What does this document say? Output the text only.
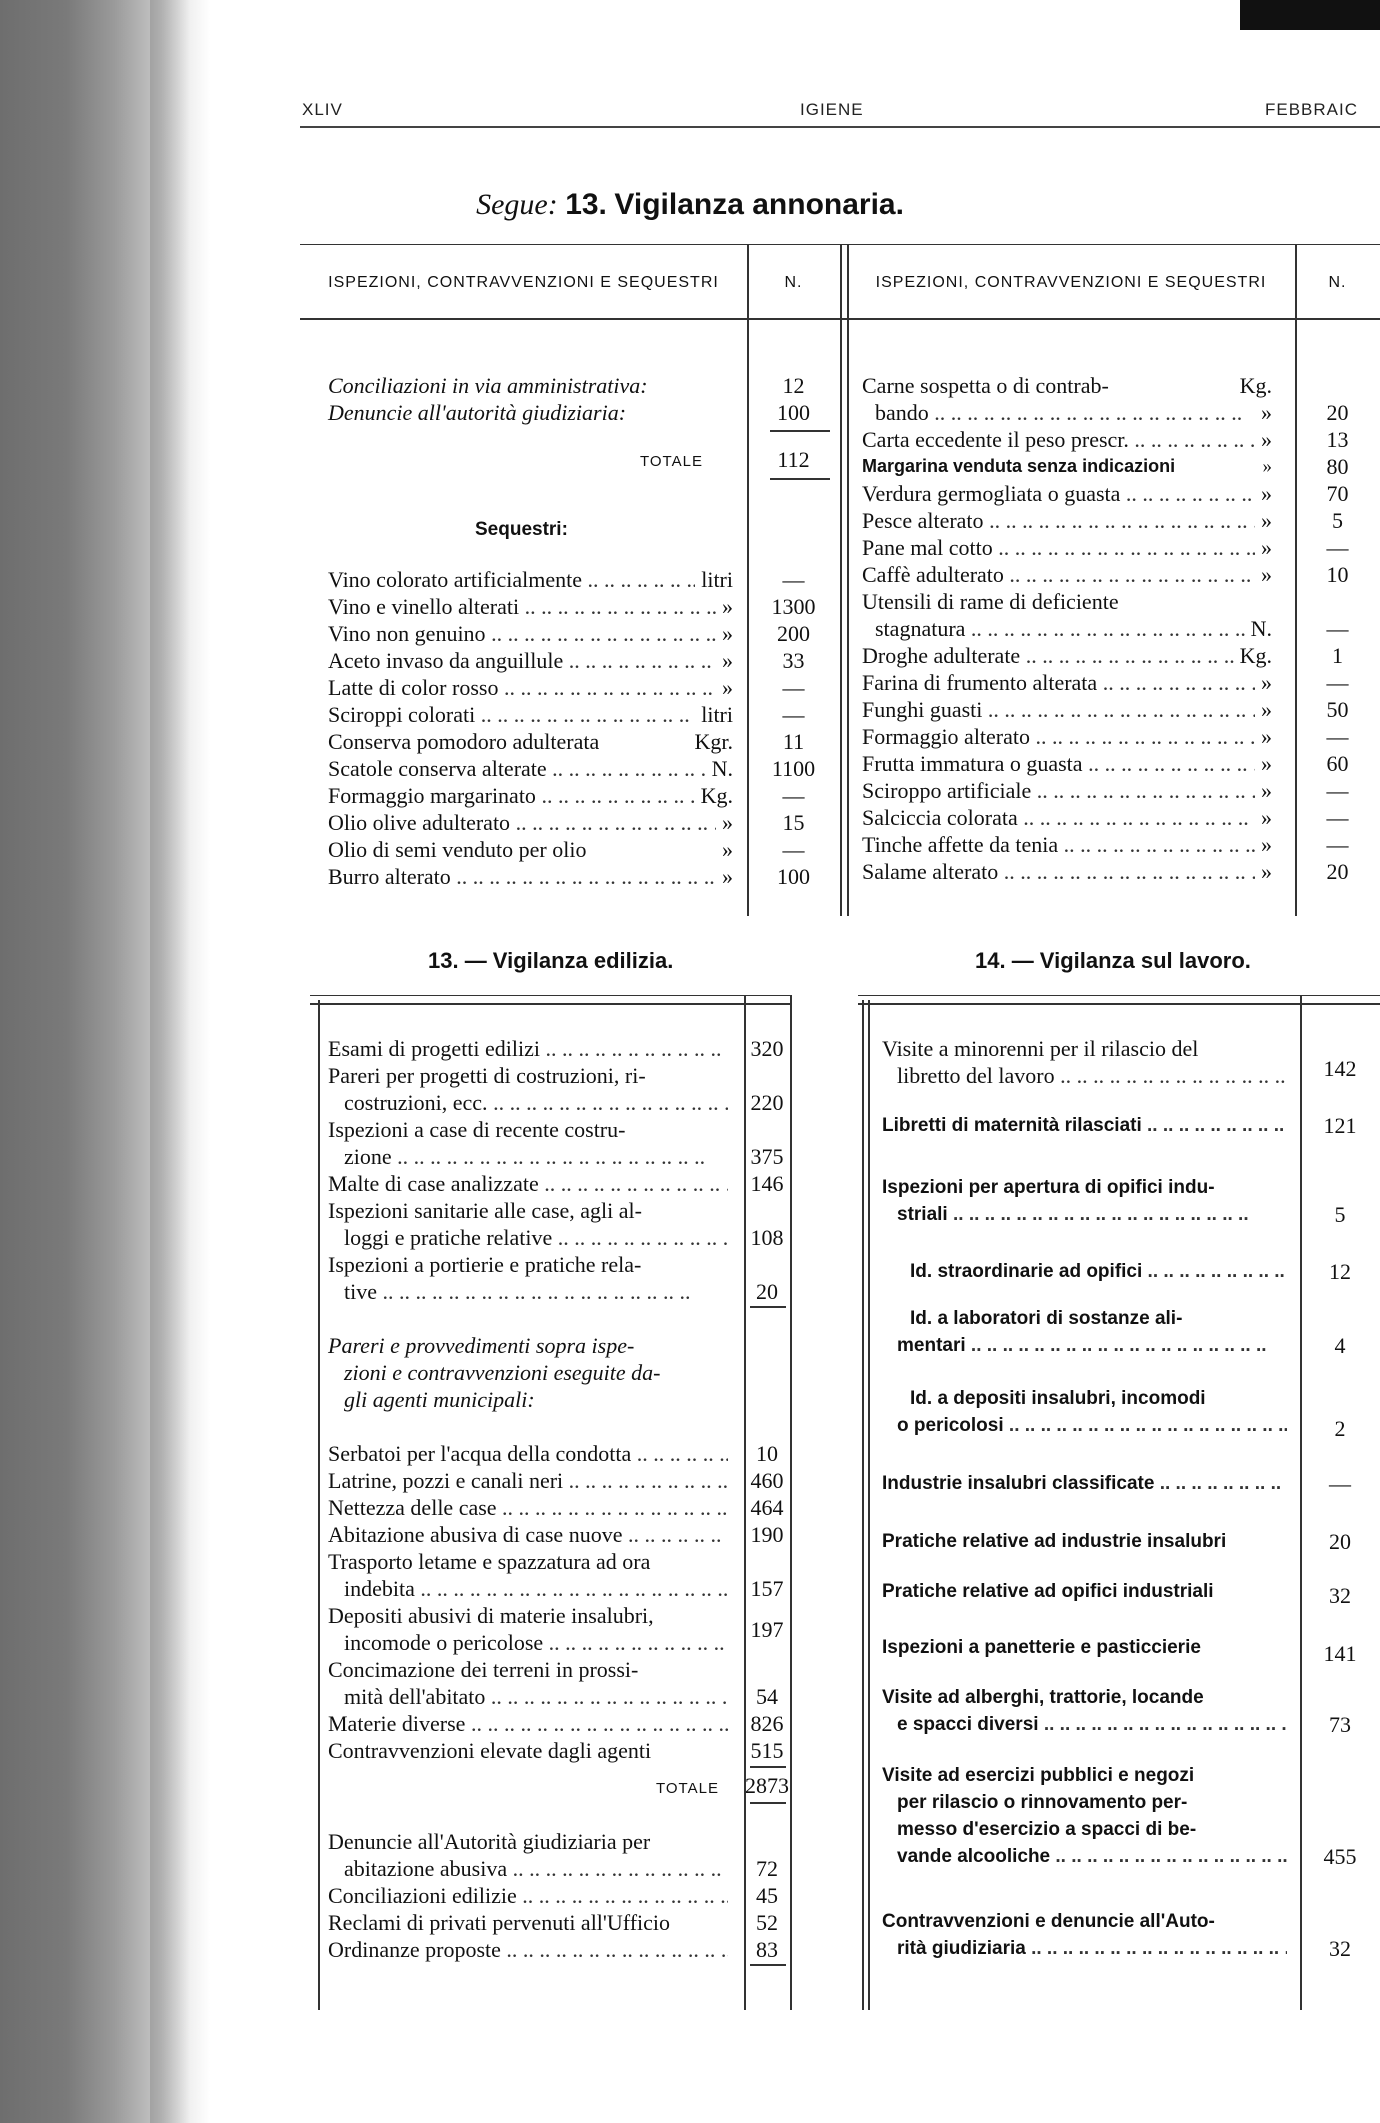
XLIV	IGIENE	FEBBRAIC
Segue: 13. Vigilanza annonaria.
ISPEZIONI, CONTRAVVENZIONI E SEQUESTRI	N.	ISPEZIONI, CONTRAVVENZIONI E SEQUESTRI	N.
Conciliazioni in via amministrativa:	12
Denuncie all'autorità giudiziaria:	100
TOTALE	112
Sequestri:
Vino colorato artificialmente .. ..	litri	—
Vino e vinello alterati .. ..	»	1300
Vino non genuino .. ..	»	200
Aceto invaso da anguillule .. ..	»	33
Latte di color rosso .. ..	»	—
Sciroppi colorati .. ..	litri	—
Conserva pomodoro adulterata	Kgr.	11
Scatole conserva alterate .. ..	N.	1100
Formaggio margarinato .. ..	Kg.	—
Olio olive adulterato .. ..	»	15
Olio di semi venduto per olio	»	—
Burro alterato .. ..	»	100
Carne sospetta o di contrab-	Kg.
bando .. ..	»	20
Carta eccedente il peso prescr. .. ..	»	13
Margarina venduta senza indicazioni	»	80
Verdura germogliata o guasta .. ..	»	70
Pesce alterato .. ..	»	5
Pane mal cotto .. ..	»	—
Caffè adulterato .. ..	»	10
Utensili di rame di deficiente
stagnatura .. ..	N.	—
Droghe adulterate .. ..	Kg.	1
Farina di frumento alterata .. ..	»	—
Funghi guasti .. ..	»	50
Formaggio alterato .. ..	»	—
Frutta immatura o guasta .. ..	»	60
Sciroppo artificiale .. ..	»	—
Salciccia colorata .. ..	»	—
Tinche affette da tenia .. ..	»	—
Salame alterato .. ..	»	20
13. — Vigilanza edilizia.	14. — Vigilanza sul lavoro.
Esami di progetti edilizi .. ..	320
Pareri per progetti di costruzioni, ri-
costruzioni, ecc. .. ..	220
Ispezioni a case di recente costru-
zione .. ..	375
Malte di case analizzate .. ..	146
Ispezioni sanitarie alle case, agli al-
loggi e pratiche relative .. ..	108
Ispezioni a portierie e pratiche rela-
tive .. ..	20
Pareri e provvedimenti sopra ispe-
zioni e contravvenzioni eseguite da-
gli agenti municipali:
Serbatoi per l'acqua della condotta .. ..	10
Latrine, pozzi e canali neri .. ..	460
Nettezza delle case .. ..	464
Abitazione abusiva di case nuove .. ..	190
Trasporto letame e spazzatura ad ora
indebita .. ..	157
Depositi abusivi di materie insalubri,
incomode o pericolose .. ..
197
Concimazione dei terreni in prossi-
mità dell'abitato .. ..	54
Materie diverse .. ..	826
Contravvenzioni elevate dagli agenti	515
TOTALE 2873
Denuncie all'Autorità giudiziaria per
abitazione abusiva .. ..	72
Conciliazioni edilizie .. ..	45
Reclami di privati pervenuti all'Ufficio	52
Ordinanze proposte .. ..	83
Visite a minorenni per il rilascio del
libretto del lavoro .. ..	142
Libretti di maternità rilasciati .. ..	121
Ispezioni per apertura di opifici indu-
striali .. ..	5
Id. straordinarie ad opifici .. ..	12
Id. a laboratori di sostanze ali-
mentari .. ..	4
Id. a depositi insalubri, incomodi
o pericolosi .. ..	2
Industrie insalubri classificate .. ..	—
Pratiche relative ad industrie insalubri	20
Pratiche relative ad opifici industriali	32
Ispezioni a panetterie e pasticcierie	141
Visite ad alberghi, trattorie, locande
e spacci diversi .. ..	73
Visite ad esercizi pubblici e negozi
per rilascio o rinnovamento per-
messo d'esercizio a spacci di be-
vande alcooliche .. ..	455
Contravvenzioni e denuncie all'Auto-
rità giudiziaria .. ..	32
